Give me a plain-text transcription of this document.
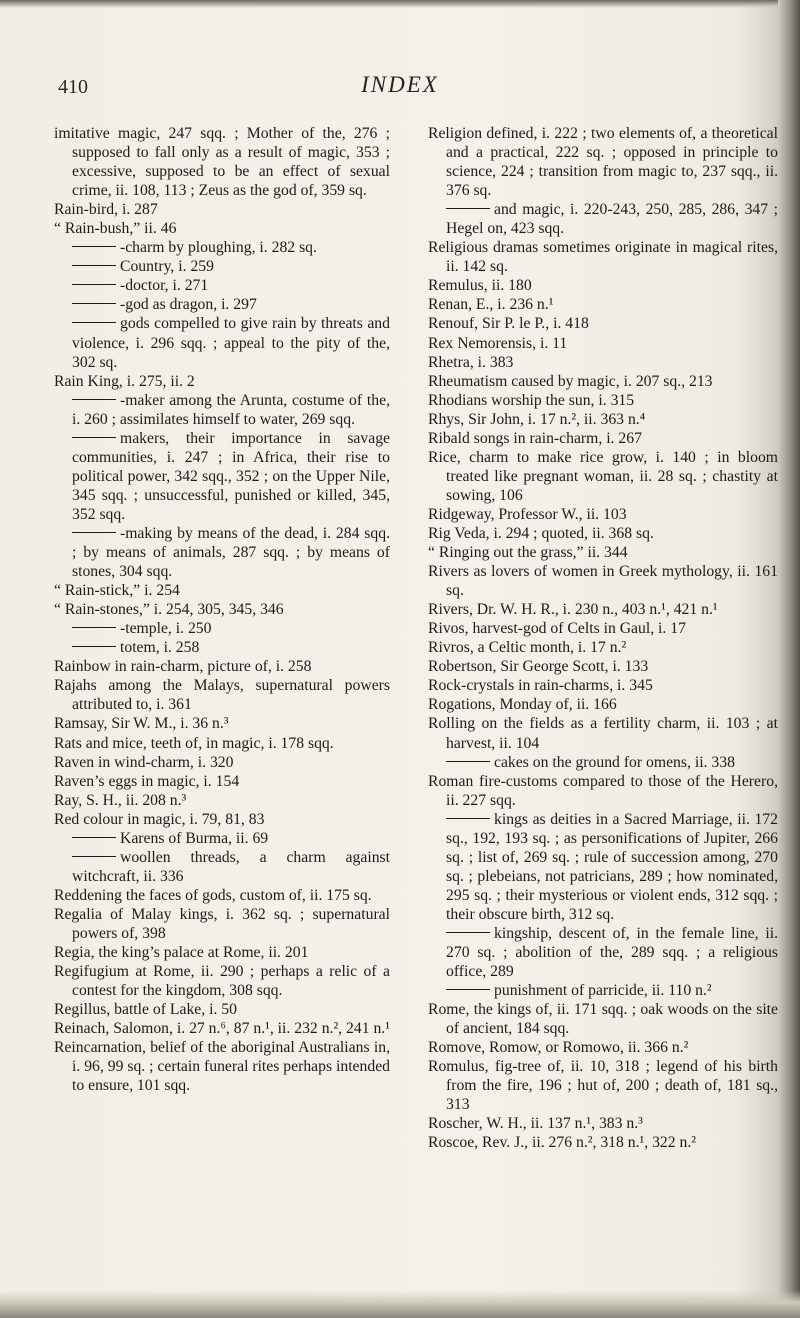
410	INDEX

imitative magic, 247 sqq. ; Mother of the, 276 ; supposed to fall only as a result of magic, 353 ; excessive, supposed to be an effect of sexual crime, ii. 108, 113 ; Zeus as the god of, 359 sq.

Rain-bird, i. 287

“ Rain-bush,” ii. 46

-charm by ploughing, i. 282 sq.

Country, i. 259

-doctor, i. 271

-god as dragon, i. 297

gods compelled to give rain by threats and violence, i. 296 sqq. ; appeal to the pity of the, 302 sq.

Rain King, i. 275, ii. 2

-maker among the Arunta, costume of the, i. 260 ; assimilates himself to water, 269 sqq.

makers, their importance in savage communities, i. 247 ; in Africa, their rise to political power, 342 sqq., 352 ; on the Upper Nile, 345 sqq. ; unsuccessful, punished or killed, 345, 352 sqq.

-making by means of the dead, i. 284 sqq. ; by means of animals, 287 sqq. ; by means of stones, 304 sqq.

“ Rain-stick,” i. 254

“ Rain-stones,” i. 254, 305, 345, 346

-temple, i. 250

totem, i. 258

Rainbow in rain-charm, picture of, i. 258

Rajahs among the Malays, supernatural powers attributed to, i. 361

Ramsay, Sir W. M., i. 36 n.³

Rats and mice, teeth of, in magic, i. 178 sqq.

Raven in wind-charm, i. 320

Raven’s eggs in magic, i. 154

Ray, S. H., ii. 208 n.³

Red colour in magic, i. 79, 81, 83

Karens of Burma, ii. 69

woollen threads, a charm against witchcraft, ii. 336

Reddening the faces of gods, custom of, ii. 175 sq.

Regalia of Malay kings, i. 362 sq. ; supernatural powers of, 398

Regia, the king’s palace at Rome, ii. 201

Regifugium at Rome, ii. 290 ; perhaps a relic of a contest for the kingdom, 308 sqq.

Regillus, battle of Lake, i. 50

Reinach, Salomon, i. 27 n.⁶, 87 n.¹, ii. 232 n.², 241 n.¹

Reincarnation, belief of the aboriginal Australians in, i. 96, 99 sq. ; certain funeral rites perhaps intended to ensure, 101 sqq.

Religion defined, i. 222 ; two elements of, a theoretical and a practical, 222 sq. ; opposed in principle to science, 224 ; transition from magic to, 237 sqq., ii. 376 sq.

and magic, i. 220-243, 250, 285, 286, 347 ; Hegel on, 423 sqq.

Religious dramas sometimes originate in magical rites, ii. 142 sq.

Remulus, ii. 180

Renan, E., i. 236 n.¹

Renouf, Sir P. le P., i. 418

Rex Nemorensis, i. 11

Rhetra, i. 383

Rheumatism caused by magic, i. 207 sq., 213

Rhodians worship the sun, i. 315

Rhys, Sir John, i. 17 n.², ii. 363 n.⁴

Ribald songs in rain-charm, i. 267

Rice, charm to make rice grow, i. 140 ; in bloom treated like pregnant woman, ii. 28 sq. ; chastity at sowing, 106

Ridgeway, Professor W., ii. 103

Rig Veda, i. 294 ; quoted, ii. 368 sq.

“ Ringing out the grass,” ii. 344

Rivers as lovers of women in Greek mythology, ii. 161 sq.

Rivers, Dr. W. H. R., i. 230 n., 403 n.¹, 421 n.¹

Rivos, harvest-god of Celts in Gaul, i. 17

Rivros, a Celtic month, i. 17 n.²

Robertson, Sir George Scott, i. 133

Rock-crystals in rain-charms, i. 345

Rogations, Monday of, ii. 166

Rolling on the fields as a fertility charm, ii. 103 ; at harvest, ii. 104

cakes on the ground for omens, ii. 338

Roman fire-customs compared to those of the Herero, ii. 227 sqq.

kings as deities in a Sacred Marriage, ii. 172 sq., 192, 193 sq. ; as personifications of Jupiter, 266 sq. ; list of, 269 sq. ; rule of succession among, 270 sq. ; plebeians, not patricians, 289 ; how nominated, 295 sq. ; their mysterious or violent ends, 312 sqq. ; their obscure birth, 312 sq.

kingship, descent of, in the female line, ii. 270 sq. ; abolition of the, 289 sqq. ; a religious office, 289

punishment of parricide, ii. 110 n.²

Rome, the kings of, ii. 171 sqq. ; oak woods on the site of ancient, 184 sqq.

Romove, Romow, or Romowo, ii. 366 n.²

Romulus, fig-tree of, ii. 10, 318 ; legend of his birth from the fire, 196 ; hut of, 200 ; death of, 181 sq., 313

Roscher, W. H., ii. 137 n.¹, 383 n.³

Roscoe, Rev. J., ii. 276 n.², 318 n.¹, 322 n.²
